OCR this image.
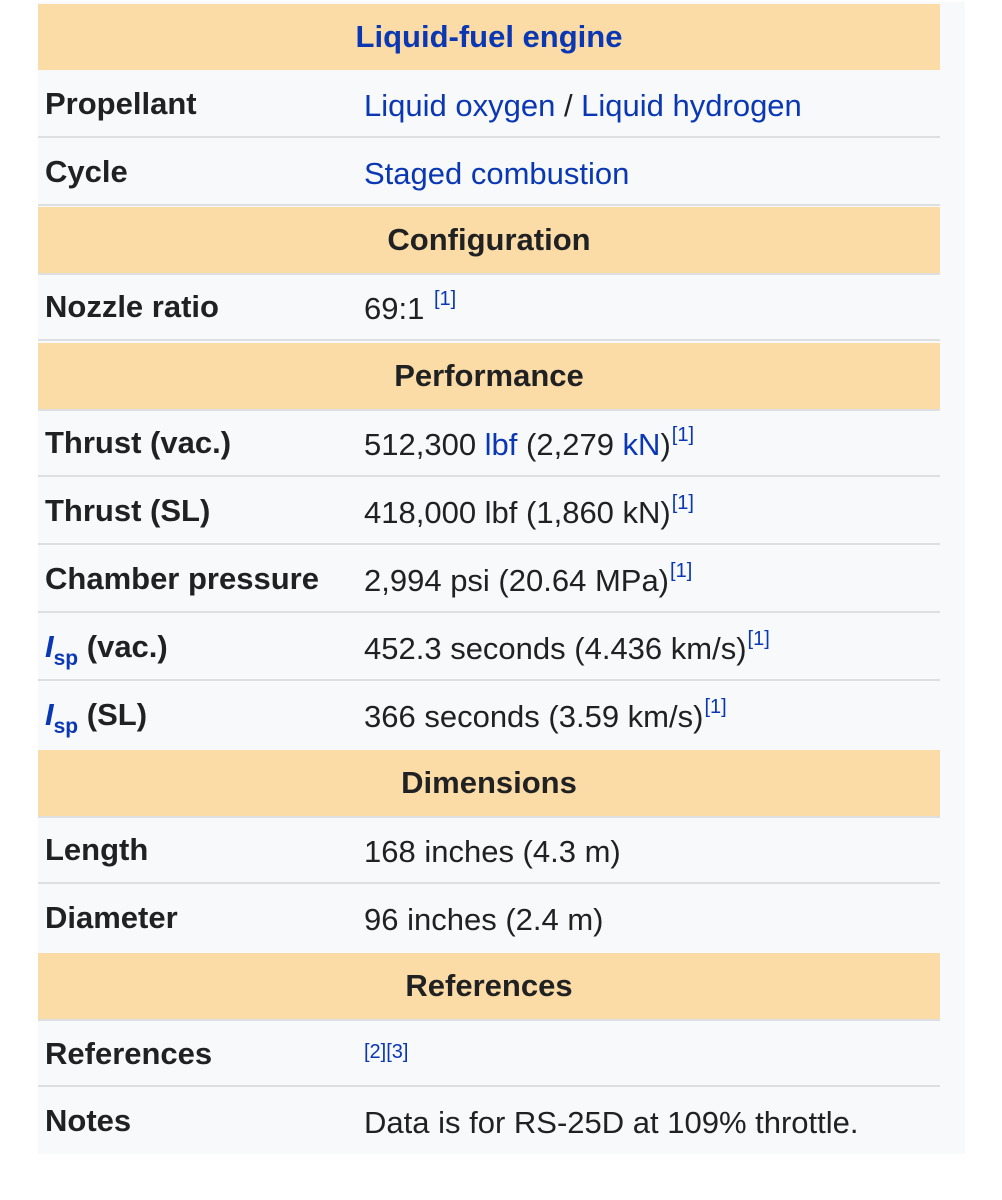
Liquid-fuel engine
Propellant	Liquid oxygen / Liquid hydrogen
Cycle	Staged combustion
Configuration
Nozzle ratio	69:1 [1]
Performance
Thrust (vac.)	512,300 lbf (2,279 kN)[1]
Thrust (SL)	418,000 lbf (1,860 kN)[1]
Chamber pressure	2,994 psi (20.64 MPa)[1]
$I_{sp}$ (vac.)	452.3 seconds (4.436 km/s)[1]
$I_{sp}$ (SL)	366 seconds (3.59 km/s)[1]
Dimensions
Length	168 inches (4.3 m)
Diameter	96 inches (2.4 m)
References
References	[2][3]
Notes	Data is for RS-25D at 109% throttle.
